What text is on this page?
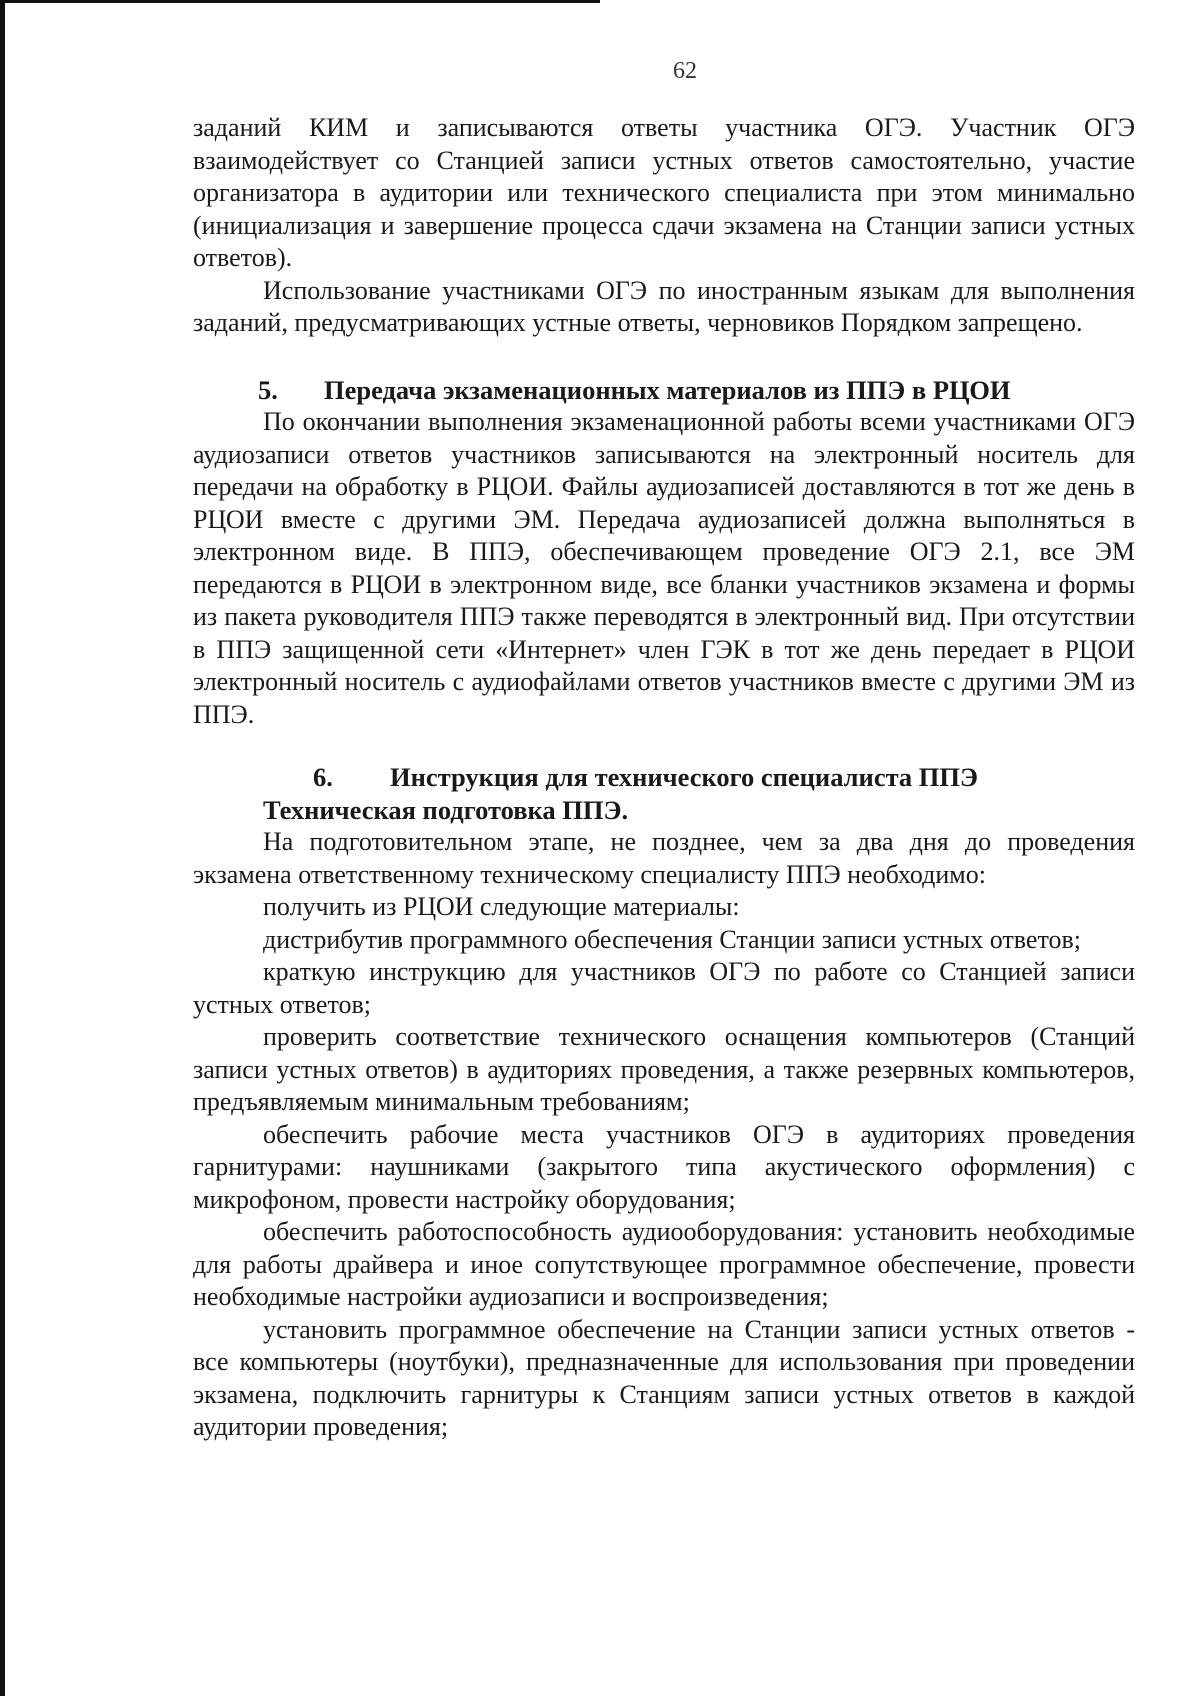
62

заданий КИМ и записываются ответы участника ОГЭ. Участник ОГЭ взаимодействует со Станцией записи устных ответов самостоятельно, участие организатора в аудитории или технического специалиста при этом минимально (инициализация и завершение процесса сдачи экзамена на Станции записи устных ответов).

Использование участниками ОГЭ по иностранным языкам для выполнения заданий, предусматривающих устные ответы, черновиков Порядком запрещено.

5. Передача экзаменационных материалов из ППЭ в РЦОИ

По окончании выполнения экзаменационной работы всеми участниками ОГЭ аудиозаписи ответов участников записываются на электронный носитель для передачи на обработку в РЦОИ. Файлы аудиозаписей доставляются в тот же день в РЦОИ вместе с другими ЭМ. Передача аудиозаписей должна выполняться в электронном виде. В ППЭ, обеспечивающем проведение ОГЭ 2.1, все ЭМ передаются в РЦОИ в электронном виде, все бланки участников экзамена и формы из пакета руководителя ППЭ также переводятся в электронный вид. При отсутствии в ППЭ защищенной сети «Интернет» член ГЭК в тот же день передает в РЦОИ электронный носитель с аудиофайлами ответов участников вместе с другими ЭМ из ППЭ.

6. Инструкция для технического специалиста ППЭ
Техническая подготовка ППЭ.

На подготовительном этапе, не позднее, чем за два дня до проведения экзамена ответственному техническому специалисту ППЭ необходимо:

получить из РЦОИ следующие материалы:

дистрибутив программного обеспечения Станции записи устных ответов;

краткую инструкцию для участников ОГЭ по работе со Станцией записи устных ответов;

проверить соответствие технического оснащения компьютеров (Станций записи устных ответов) в аудиториях проведения, а также резервных компьютеров, предъявляемым минимальным требованиям;

обеспечить рабочие места участников ОГЭ в аудиториях проведения гарнитурами: наушниками (закрытого типа акустического оформления) с микрофоном, провести настройку оборудования;

обеспечить работоспособность аудиооборудования: установить необходимые для работы драйвера и иное сопутствующее программное обеспечение, провести необходимые настройки аудиозаписи и воспроизведения;

установить программное обеспечение на Станции записи устных ответов - все компьютеры (ноутбуки), предназначенные для использования при проведении экзамена, подключить гарнитуры к Станциям записи устных ответов в каждой аудитории проведения;
